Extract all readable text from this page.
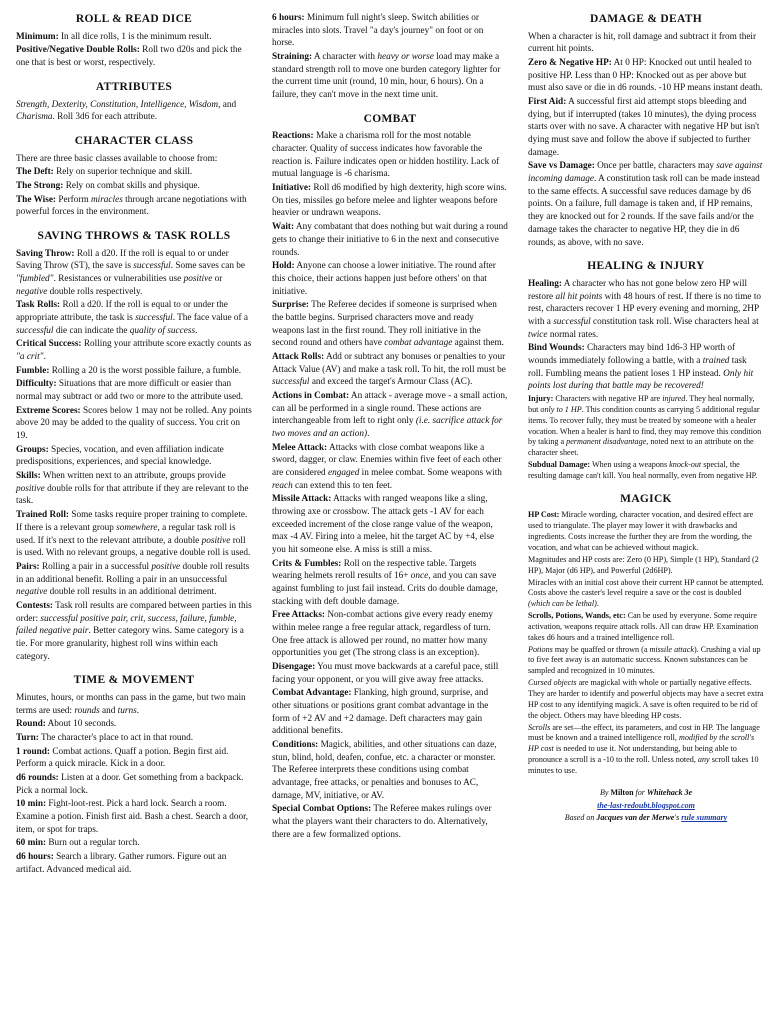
ROLL & READ DICE
Minimum: In all dice rolls, 1 is the minimum result.
Positive/Negative Double Rolls: Roll two d20s and pick the one that is best or worst, respectively.
ATTRIBUTES
Strength, Dexterity, Constitution, Intelligence, Wisdom, and Charisma. Roll 3d6 for each attribute.
CHARACTER CLASS
There are three basic classes available to choose from:
The Deft: Rely on superior technique and skill.
The Strong: Rely on combat skills and physique.
The Wise: Perform miracles through arcane negotiations with powerful forces in the environment.
SAVING THROWS & TASK ROLLS
Saving Throw: Roll a d20. If the roll is equal to or under Saving Throw (ST), the save is successful. Some saves can be "fumbled". Resistances or vulnerabilities use positive or negative double rolls respectively.
Task Rolls: Roll a d20. If the roll is equal to or under the appropriate attribute, the task is successful. The face value of a successful die can indicate the quality of success.
Critical Success: Rolling your attribute score exactly counts as "a crit".
Fumble: Rolling a 20 is the worst possible failure, a fumble.
Difficulty: Situations that are more difficult or easier than normal may subtract or add two or more to the attribute used.
Extreme Scores: Scores below 1 may not be rolled. Any points above 20 may be added to the quality of success. You crit on 19.
Groups: Species, vocation, and even affiliation indicate predispositions, experiences, and special knowledge.
Skills: When written next to an attribute, groups provide positive double rolls for that attribute if they are relevant to the task.
Trained Roll: Some tasks require proper training to complete. If there is a relevant group somewhere, a regular task roll is used. If it's next to the relevant attribute, a double positive roll is used. With no relevant groups, a negative double roll is used.
Pairs: Rolling a pair in a successful positive double roll results in an additional benefit. Rolling a pair in an unsuccessful negative double roll results in an additional detriment.
Contests: Task roll results are compared between parties in this order: successful positive pair, crit, success, failure, fumble, failed negative pair. Better category wins. Same category is a tie. For more granularity, highest roll wins within each category.
TIME & MOVEMENT
Minutes, hours, or months can pass in the game, but two main terms are used: rounds and turns.
Round: About 10 seconds.
Turn: The character's place to act in that round.
1 round: Combat actions. Quaff a potion. Begin first aid. Perform a quick miracle. Kick in a door.
d6 rounds: Listen at a door. Get something from a backpack. Pick a normal lock.
10 min: Fight-loot-rest. Pick a hard lock. Search a room. Examine a potion. Finish first aid. Bash a chest. Search a door, item, or spot for traps.
60 min: Burn out a regular torch.
d6 hours: Search a library. Gather rumors. Figure out an artifact. Advanced medical aid.
6 hours: Minimum full night's sleep. Switch abilities or miracles into slots. Travel "a day's journey" on foot or on horse.
Straining: A character with heavy or worse load may make a standard strength roll to move one burden category lighter for the current time unit (round, 10 min, hour, 6 hours). On a failure, they can't move in the next time unit.
COMBAT
Reactions: Make a charisma roll for the most notable character. Quality of success indicates how favorable the reaction is. Failure indicates open or hidden hostility. Lack of mutual language is -6 charisma.
Initiative: Roll d6 modified by high dexterity, high score wins. On ties, missiles go before melee and lighter weapons before heavier or undrawn weapons.
Wait: Any combatant that does nothing but wait during a round gets to change their initiative to 6 in the next and consecutive rounds.
Hold: Anyone can choose a lower initiative. The round after this choice, their actions happen just before others' on that initiative.
Surprise: The Referee decides if someone is surprised when the battle begins. Surprised characters move and ready weapons last in the first round. They roll initiative in the second round and others have combat advantage against them.
Attack Rolls: Add or subtract any bonuses or penalties to your Attack Value (AV) and make a task roll. To hit, the roll must be successful and exceed the target's Armour Class (AC).
Actions in Combat: An attack - average move - a small action, can all be performed in a single round. These actions are interchangeable from left to right only (i.e. sacrifice attack for two moves and an action).
Melee Attack: Attacks with close combat weapons like a sword, dagger, or claw. Enemies within five feet of each other are considered engaged in melee combat. Some weapons with reach can extend this to ten feet.
Missile Attack: Attacks with ranged weapons like a sling, throwing axe or crossbow. The attack gets -1 AV for each exceeded increment of the close range value of the weapon, max -4 AV. Firing into a melee, hit the target AC by +4, else you hit someone else. A miss is still a miss.
Crits & Fumbles: Roll on the respective table. Targets wearing helmets reroll results of 16+ once, and you can save against fumbling to just fail instead. Crits do double damage, stacking with deft double damage.
Free Attacks: Non-combat actions give every ready enemy within melee range a free regular attack, regardless of turn. One free attack is allowed per round, no matter how many opportunities you get (The strong class is an exception).
Disengage: You must move backwards at a careful pace, still facing your opponent, or you will give away free attacks.
Combat Advantage: Flanking, high ground, surprise, and other situations or positions grant combat advantage in the form of +2 AV and +2 damage. Deft characters may gain additional benefits.
Conditions: Magick, abilities, and other situations can daze, stun, blind, hold, deafen, confue, etc. a character or monster. The Referee interprets these conditions using combat advantage, free attacks, or penalties and bonuses to AC, damage, MV, initiative, or AV.
Special Combat Options: The Referee makes rulings over what the players want their characters to do. Alternatively, there are a few formalized options.
DAMAGE & DEATH
When a character is hit, roll damage and subtract it from their current hit points.
Zero & Negative HP: At 0 HP: Knocked out until healed to positive HP. Less than 0 HP: Knocked out as per above but must also save or die in d6 rounds. -10 HP means instant death.
First Aid: A successful first aid attempt stops bleeding and dying, but if interrupted (takes 10 minutes), the dying process starts over with no save. A character with negative HP but isn't dying must save and follow the above if subjected to further damage.
Save vs Damage: Once per battle, characters may save against incoming damage. A constitution task roll can be made instead to the same effects. A successful save reduces damage by d6 points. On a failure, full damage is taken and, if HP remains, they are knocked out for 2 rounds. If the save fails and/or the damage takes the character to negative HP, they die in d6 rounds, as above, with no save.
HEALING & INJURY
Healing: A character who has not gone below zero HP will restore all hit points with 48 hours of rest. If there is no time to rest, characters recover 1 HP every evening and morning, 2HP with a successful constitution task roll. Wise characters heal at twice normal rates.
Bind Wounds: Characters may bind 1d6-3 HP worth of wounds immediately following a battle, with a trained task roll. Fumbling means the patient loses 1 HP instead. Only hit points lost during that battle may be recovered!
Injury: Characters with negative HP are injured. They heal normally, but only to 1 HP. This condition counts as carrying 5 additional regular items. To recover fully, they must be treated by someone with a healer vocation. When a healer is hard to find, they may remove this condition by taking a permanent disadvantage, noted next to an attribute on the character sheet.
Subdual Damage: When using a weapons knock-out special, the resulting damage can't kill. You heal normally, even from negative HP.
MAGICK
HP Cost: Miracle wording, character vocation, and desired effect are used to triangulate. The player may lower it with drawbacks and ingredients. Costs increase the further they are from the wording, the vocation, and what can be achieved without magick.
Magnitudes and HP costs are: Zero (0 HP), Simple (1 HP), Standard (2 HP), Major (d6 HP), and Powerful (2d6HP).
Miracles with an initial cost above their current HP cannot be attempted. Costs above the caster's level require a save or the cost is doubled (which can be lethal).
Scrolls, Potions, Wands, etc: Can be used by everyone. Some require activation, weapons require attack rolls. All can draw HP. Examination takes d6 hours and a trained intelligence roll.
Potions may be quaffed or thrown (a missile attack). Crushing a vial up to five feet away is an automatic success. Known substances can be sampled and recognized in 10 minutes.
Cursed objects are magickal with whole or partially negative effects. They are harder to identify and powerful objects may have a secret extra HP cost to any identifying magick. A save is often required to be rid of the object. Others may have bleeding HP costs.
Scrolls are set—the effect, its parameters, and cost in HP. The language must be known and a trained intelligence roll, modified by the scroll's HP cost is needed to use it. Not understanding, but being able to pronounce a scroll is a -10 to the roll. Unless noted, any scroll takes 10 minutes to use.
By Milton for Whitehack 3e
the-last-redoubt.blogspot.com
Based on Jacques van der Merwe's rule summary
